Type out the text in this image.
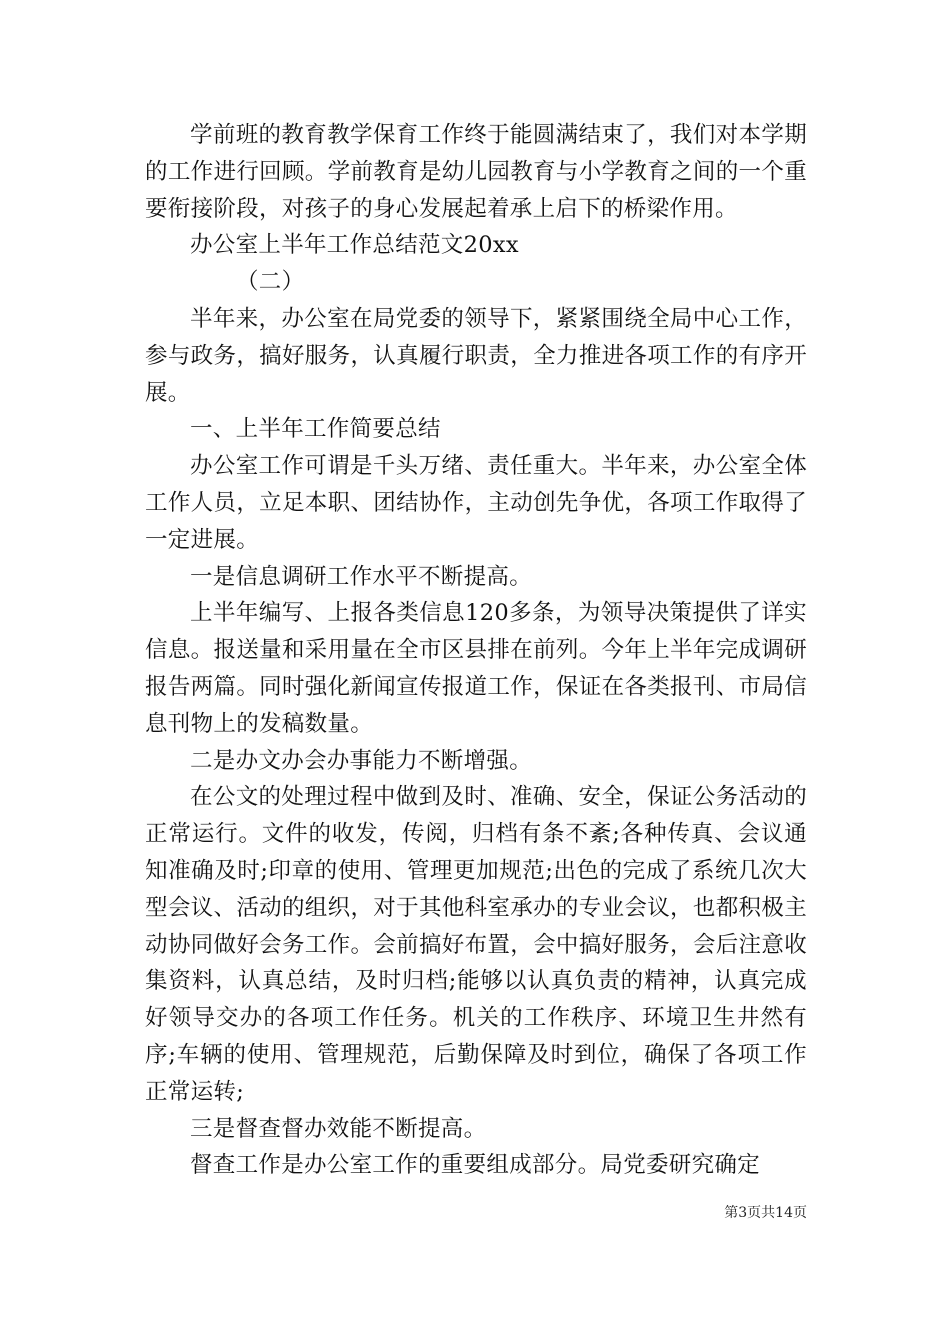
学前班的教育教学保育工作终于能圆满结束了，我们对本学期的工作进行回顾。学前教育是幼儿园教育与小学教育之间的一个重要衔接阶段，对孩子的身心发展起着承上启下的桥梁作用。

办公室上半年工作总结范文20xx

（二）

半年来，办公室在局党委的领导下，紧紧围绕全局中心工作，参与政务，搞好服务，认真履行职责，全力推进各项工作的有序开展。

一、上半年工作简要总结

办公室工作可谓是千头万绪、责任重大。半年来，办公室全体工作人员，立足本职、团结协作，主动创先争优，各项工作取得了一定进展。

一是信息调研工作水平不断提高。

上半年编写、上报各类信息120多条，为领导决策提供了详实信息。报送量和采用量在全市区县排在前列。今年上半年完成调研报告两篇。同时强化新闻宣传报道工作，保证在各类报刊、市局信息刊物上的发稿数量。

二是办文办会办事能力不断增强。

在公文的处理过程中做到及时、准确、安全，保证公务活动的正常运行。文件的收发，传阅，归档有条不紊;各种传真、会议通知准确及时;印章的使用、管理更加规范;出色的完成了系统几次大型会议、活动的组织，对于其他科室承办的专业会议，也都积极主动协同做好会务工作。会前搞好布置，会中搞好服务，会后注意收集资料，认真总结，及时归档;能够以认真负责的精神，认真完成好领导交办的各项工作任务。机关的工作秩序、环境卫生井然有序;车辆的使用、管理规范，后勤保障及时到位，确保了各项工作正常运转;

三是督查督办效能不断提高。

督查工作是办公室工作的重要组成部分。局党委研究确定

第3页共14页
